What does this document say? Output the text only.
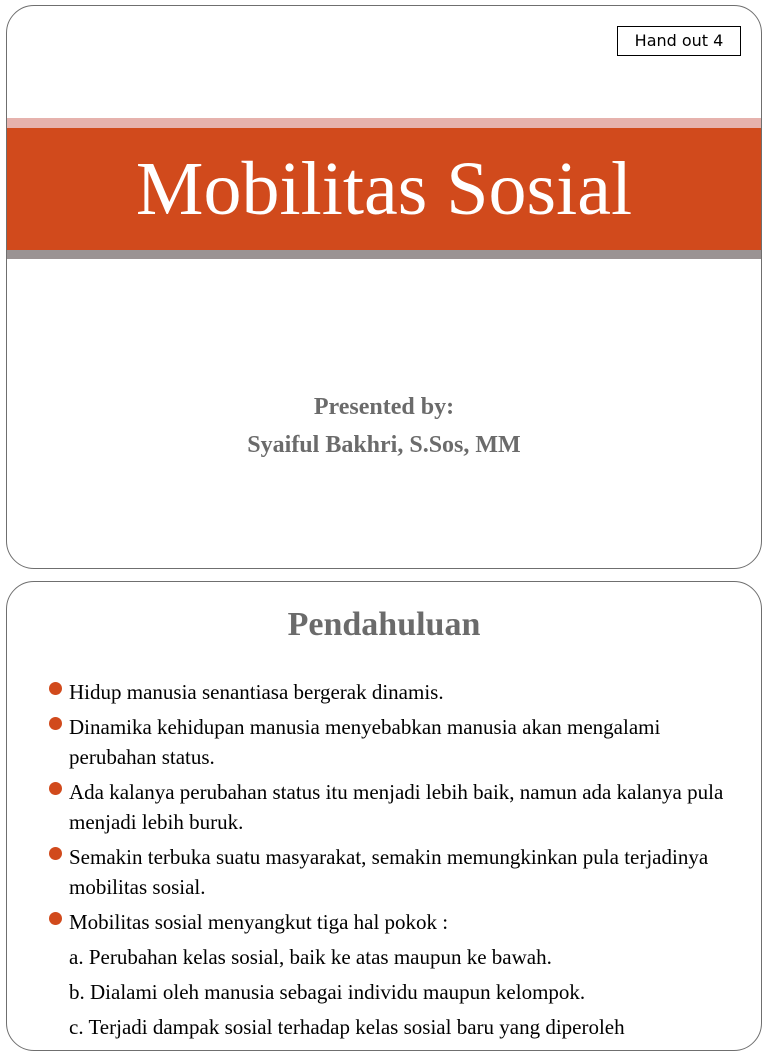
Hand out 4
Mobilitas Sosial
Presented by:
Syaiful Bakhri, S.Sos, MM
Pendahuluan
Hidup manusia senantiasa bergerak dinamis.
Dinamika kehidupan manusia menyebabkan manusia akan mengalami perubahan status.
Ada kalanya perubahan status itu menjadi lebih baik, namun ada kalanya pula menjadi lebih buruk.
Semakin terbuka suatu masyarakat, semakin memungkinkan pula terjadinya mobilitas sosial.
Mobilitas sosial menyangkut tiga hal pokok :
a. Perubahan kelas sosial, baik ke atas maupun ke bawah.
b. Dialami oleh manusia sebagai individu maupun kelompok.
c. Terjadi dampak sosial terhadap kelas sosial baru yang diperoleh
